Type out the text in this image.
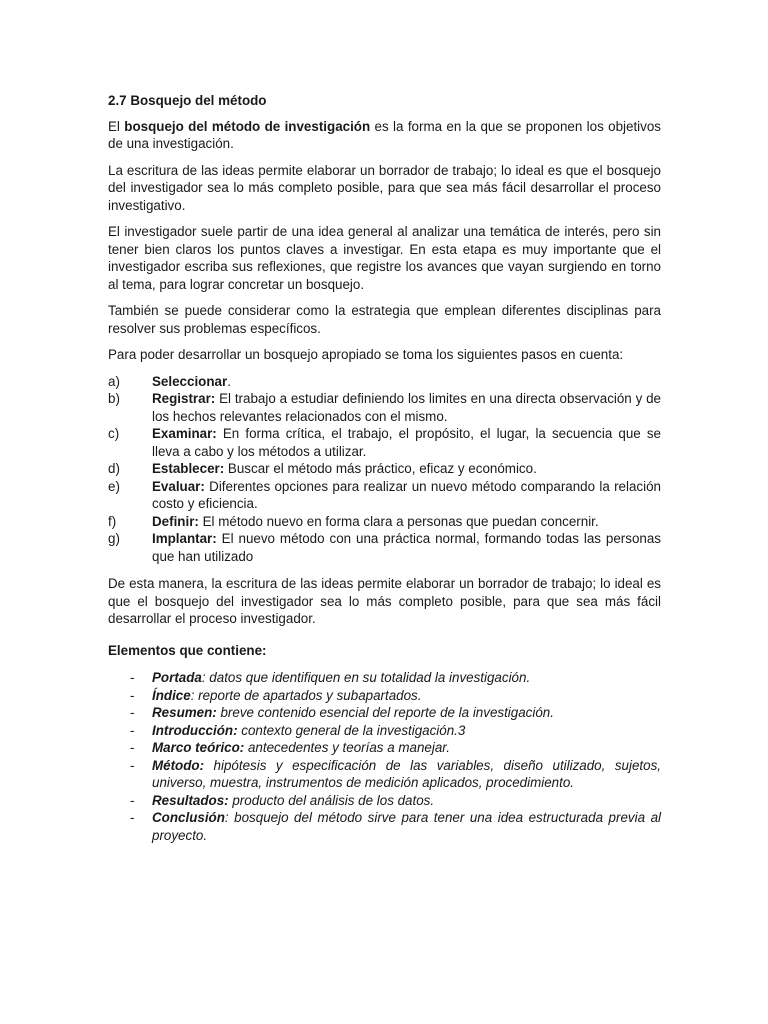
2.7 Bosquejo del método

El bosquejo del método de investigación es la forma en la que se proponen los objetivos de una investigación.

La escritura de las ideas permite elaborar un borrador de trabajo; lo ideal es que el bosquejo del investigador sea lo más completo posible, para que sea más fácil desarrollar el proceso investigativo.

El investigador suele partir de una idea general al analizar una temática de interés, pero sin tener bien claros los puntos claves a investigar. En esta etapa es muy importante que el investigador escriba sus reflexiones, que registre los avances que vayan surgiendo en torno al tema, para lograr concretar un bosquejo.

También se puede considerar como la estrategia que emplean diferentes disciplinas para resolver sus problemas específicos.

Para poder desarrollar un bosquejo apropiado se toma los siguientes pasos en cuenta:

a)	Seleccionar.
b)	Registrar: El trabajo a estudiar definiendo los limites en una directa observación y de los hechos relevantes relacionados con el mismo.
c)	Examinar: En forma crítica, el trabajo, el propósito, el lugar, la secuencia que se lleva a cabo y los métodos a utilizar.
d)	Establecer: Buscar el método más práctico, eficaz y económico.
e)	Evaluar: Diferentes opciones para realizar un nuevo método comparando la relación costo y eficiencia.
f)	Definir: El método nuevo en forma clara a personas que puedan concernir.
g)	Implantar: El nuevo método con una práctica normal, formando todas las personas que han utilizado

De esta manera, la escritura de las ideas permite elaborar un borrador de trabajo; lo ideal es que el bosquejo del investigador sea lo más completo posible, para que sea más fácil desarrollar el proceso investigador.

Elementos que contiene:
- Portada: datos que identifiquen en su totalidad la investigación.
- Índice: reporte de apartados y subapartados.
- Resumen: breve contenido esencial del reporte de la investigación.
- Introducción: contexto general de la investigación.3
- Marco teórico: antecedentes y teorías a manejar.
- Método: hipótesis y especificación de las variables, diseño utilizado, sujetos, universo, muestra, instrumentos de medición aplicados, procedimiento.
- Resultados: producto del análisis de los datos.
- Conclusión: bosquejo del método sirve para tener una idea estructurada previa al proyecto.
